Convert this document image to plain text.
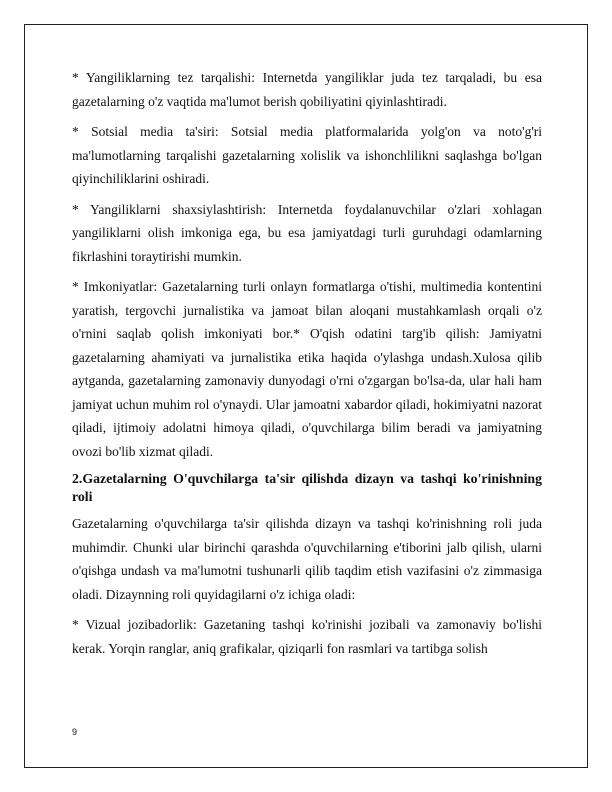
* Yangiliklarning tez tarqalishi: Internetda yangiliklar juda tez tarqaladi, bu esa gazetalarning o'z vaqtida ma'lumot berish qobiliyatini qiyinlashtiradi.

* Sotsial media ta'siri: Sotsial media platformalarida yolg'on va noto'g'ri ma'lumotlarning tarqalishi gazetalarning xolislik va ishonchlilikni saqlashga bo'lgan qiyinchiliklarini oshiradi.

* Yangiliklarni shaxsiylashtirish: Internetda foydalanuvchilar o'zlari xohlagan yangiliklarni olish imkoniga ega, bu esa jamiyatdagi turli guruhdagi odamlarning fikrlashini toraytirishi mumkin.

* Imkoniyatlar: Gazetalarning turli onlayn formatlarga o'tishi, multimedia kontentini yaratish, tergovchi jurnalistika va jamoat bilan aloqani mustahkamlash orqali o'z o'rnini saqlab qolish imkoniyati bor.* O'qish odatini targ'ib qilish: Jamiyatni gazetalarning ahamiyati va jurnalistika etika haqida o'ylashga undash.Xulosa qilib aytganda, gazetalarning zamonaviy dunyodagi o'rni o'zgargan bo'lsa-da, ular hali ham jamiyat uchun muhim rol o'ynaydi. Ular jamoatni xabardor qiladi, hokimiyatni nazorat qiladi, ijtimoiy adolatni himoya qiladi, o'quvchilarga bilim beradi va jamiyatning ovozi bo'lib xizmat qiladi.

2.Gazetalarning O'quvchilarga ta'sir qilishda dizayn va tashqi ko'rinishning roli

Gazetalarning o'quvchilarga ta'sir qilishda dizayn va tashqi ko'rinishning roli juda muhimdir. Chunki ular birinchi qarashda o'quvchilarning e'tiborini jalb qilish, ularni o'qishga undash va ma'lumotni tushunarli qilib taqdim etish vazifasini o'z zimmasiga oladi. Dizaynning roli quyidagilarni o'z ichiga oladi:

* Vizual jozibadorlik: Gazetaning tashqi ko'rinishi jozibali va zamonaviy bo'lishi kerak. Yorqin ranglar, aniq grafikalar, qiziqarli fon rasmlari va tartibga solish

9
